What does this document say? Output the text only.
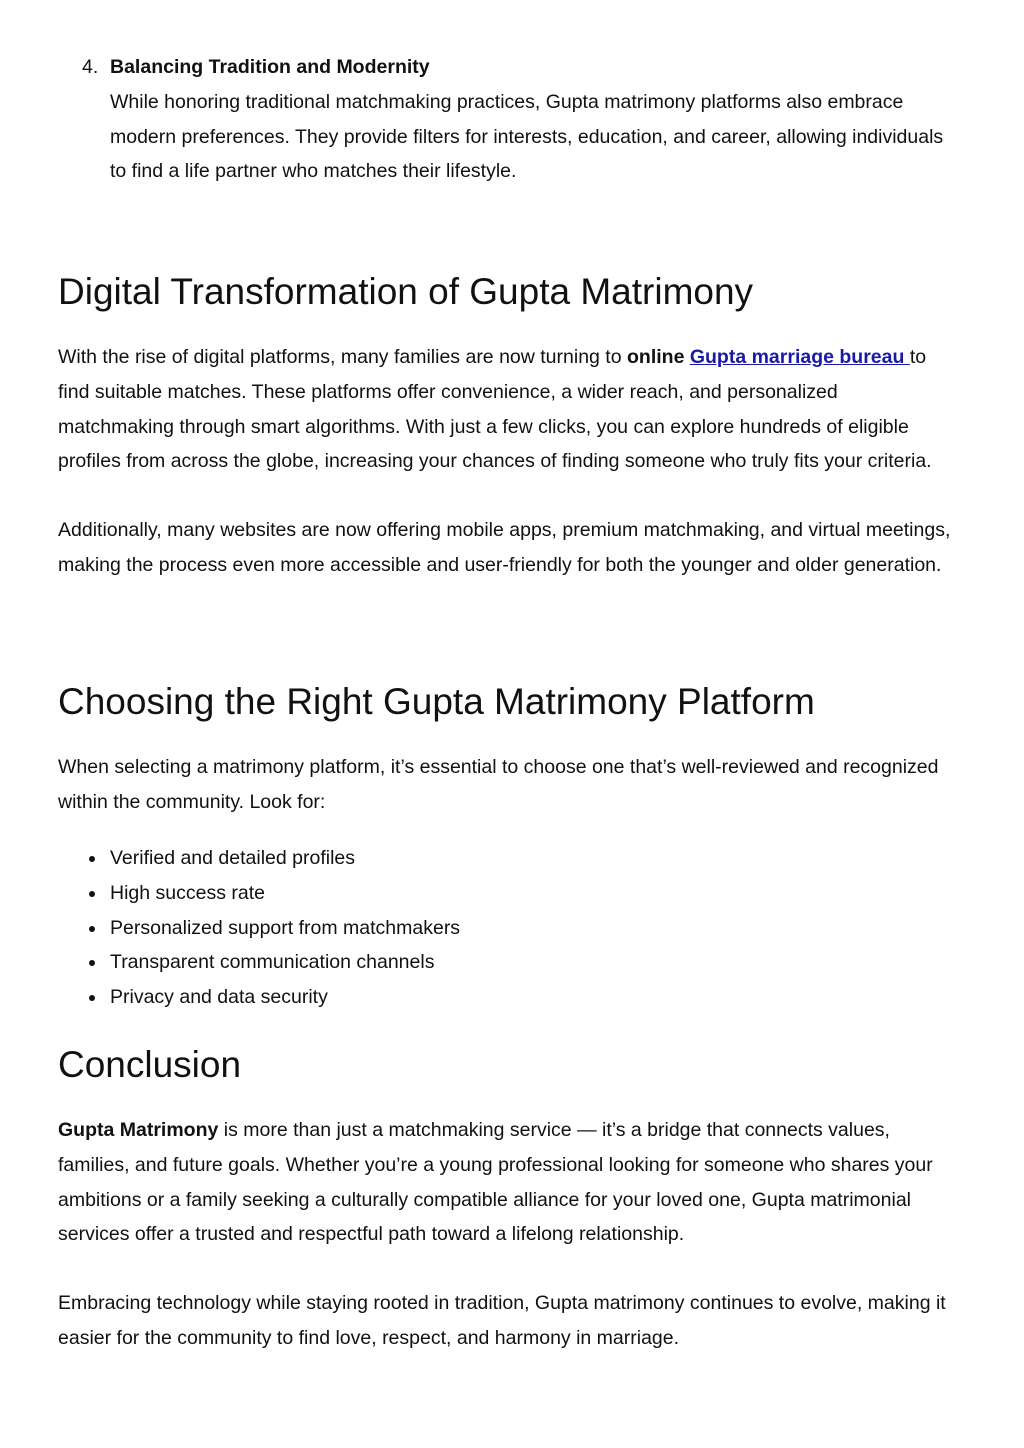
4. Balancing Tradition and Modernity
While honoring traditional matchmaking practices, Gupta matrimony platforms also embrace modern preferences. They provide filters for interests, education, and career, allowing individuals to find a life partner who matches their lifestyle.
Digital Transformation of Gupta Matrimony

With the rise of digital platforms, many families are now turning to online Gupta marriage bureau to find suitable matches. These platforms offer convenience, a wider reach, and personalized matchmaking through smart algorithms. With just a few clicks, you can explore hundreds of eligible profiles from across the globe, increasing your chances of finding someone who truly fits your criteria.

Additionally, many websites are now offering mobile apps, premium matchmaking, and virtual meetings, making the process even more accessible and user-friendly for both the younger and older generation.

Choosing the Right Gupta Matrimony Platform

When selecting a matrimony platform, it’s essential to choose one that’s well-reviewed and recognized within the community. Look for:

Verified and detailed profiles
High success rate
Personalized support from matchmakers
Transparent communication channels
Privacy and data security
Conclusion

Gupta Matrimony is more than just a matchmaking service — it’s a bridge that connects values, families, and future goals. Whether you’re a young professional looking for someone who shares your ambitions or a family seeking a culturally compatible alliance for your loved one, Gupta matrimonial services offer a trusted and respectful path toward a lifelong relationship.

Embracing technology while staying rooted in tradition, Gupta matrimony continues to evolve, making it easier for the community to find love, respect, and harmony in marriage.
